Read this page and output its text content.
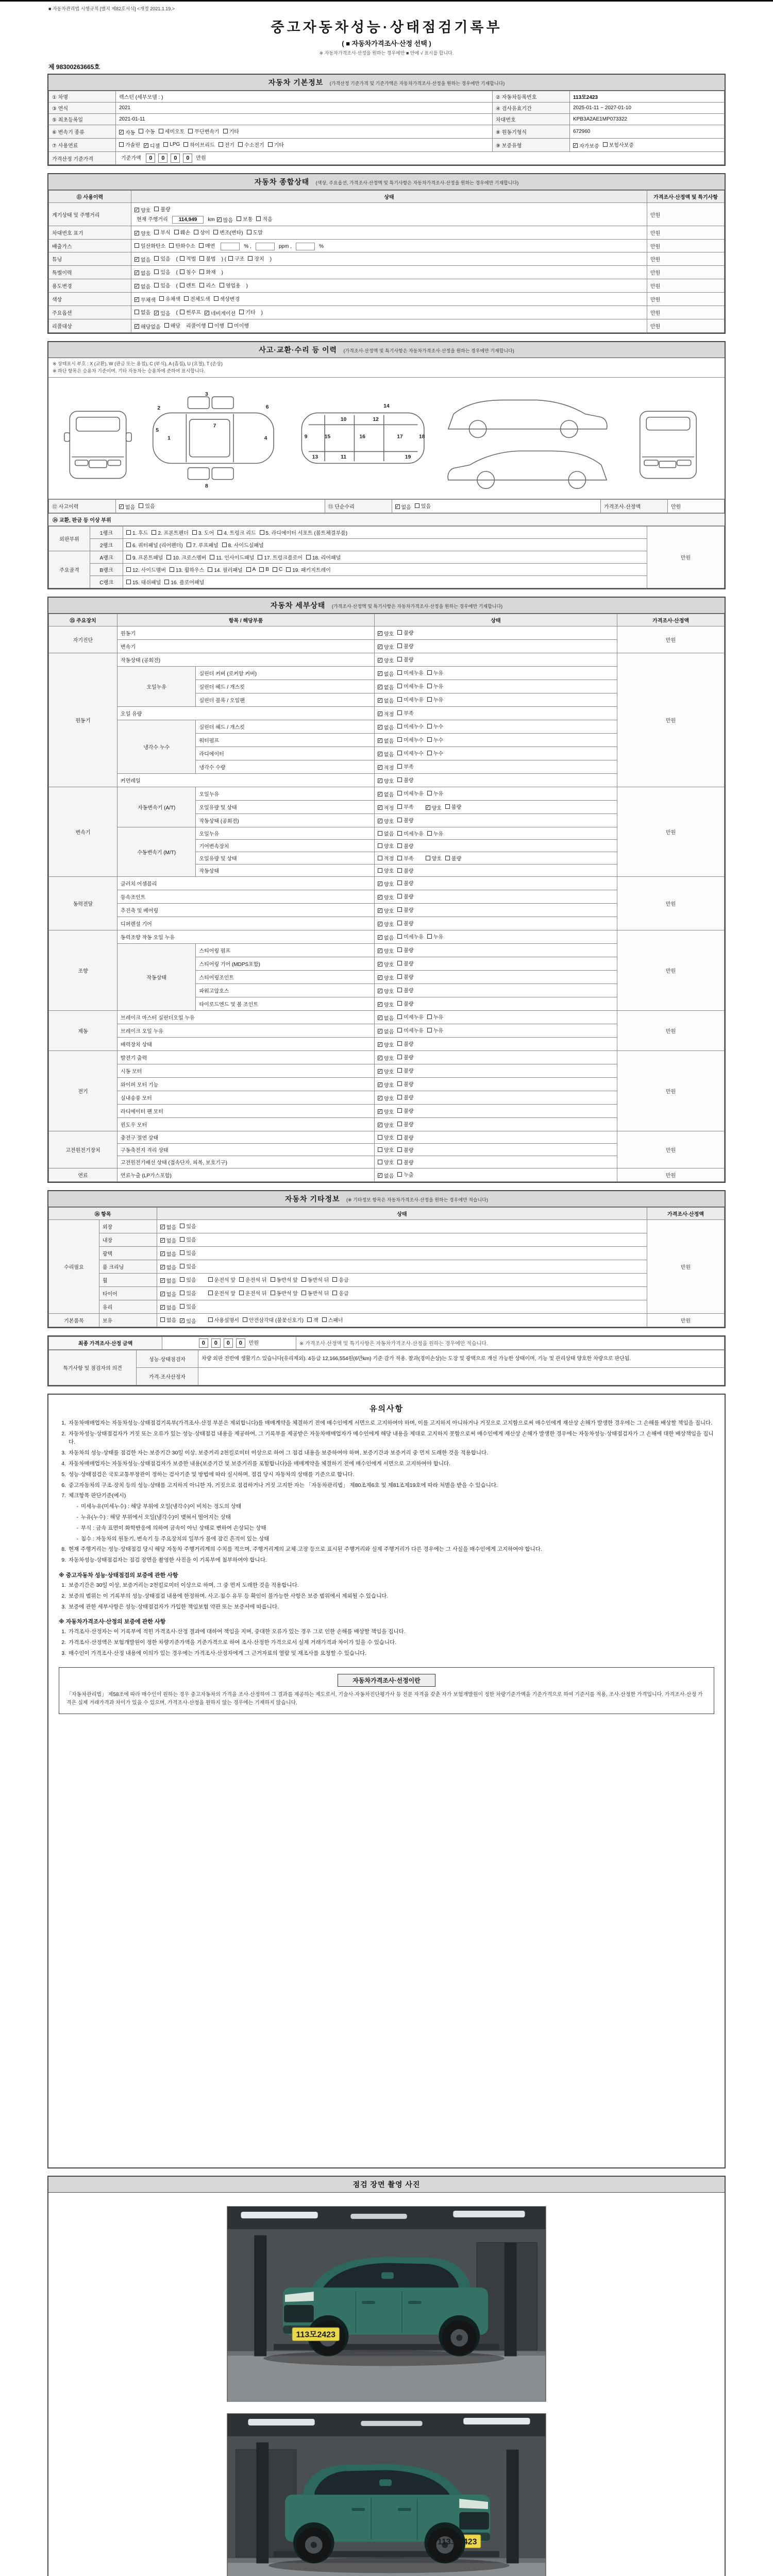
■ 자동차관리법 시행규칙 [별지 제82호서식] <개정 2021.1.19.>
중고자동차성능·상태점검기록부
( ■ 자동차가격조사·산정 선택 )
※ 자동차가격조사·산정을 원하는 경우에만 ■ 안에 √ 표시를 합니다.
제 98300263665호
자동차 기본정보 (가격산정 기준가격 및 기준가액은 자동차가격조사·산정을 원하는 경우에만 기재합니다)
① 차명	렉스턴 (세부모델 : )	② 자동차등록번호	113모2423
③ 연식	2021	④ 검사유효기간	2025-01-11 ~ 2027-01-10
⑤ 최초등록일	2021-01-11	차대번호	KPB3A2AE1MP073322
⑥ 변속기 종류	✓ 자동 수동 세미오토 무단변속기 기타	⑧ 원동기형식	672960
⑦ 사용연료	가솔린 ✓ 디젤 LPG 하이브리드 전기 수소전기 기타	⑨ 보증유형	✓ 자가보증 보험사보증

가격산정 기준가격	기준가액 0 0 0 0 만원		
자동차 종합상태 (색상, 주요옵션, 가격조사·산정액 및 특기사항은 자동차가격조사·산정을 원하는 경우에만 기재합니다)
⑪ 사용이력	상태	가격조사·산정액 및 특기사항
계기상태 및 주행거리	
✓ 양호 불량

현재 주행거리 114,949 km ✓ 많음 보통 적음
	만원
차대번호 표기	✓ 양호 부식 훼손 상이 변조(변타) 도말	만원
배출가스	일산화탄소 탄화수소 매연 % , ppm , %	만원
튜닝	✓ 없음 있음 ( 적법 불법 ) ( 구조 장치 )	만원
특별이력	✓ 없음 있음 ( 침수 화재 )	만원
용도변경	✓ 없음 있음 ( 렌트 리스 영업용 )	만원
색상	✓ 무채색 유채색 전체도색 색상변경	만원
주요옵션	없음 ✓ 있음 ( 썬루프 ✓ 네비게이션 기타 )	만원
리콜대상	✓ 해당없음 해당 리콜이행 이행 미이행	만원
사고·교환·수리 등 이력 (가격조사·산정액 및 특기사항은 자동차가격조사·산정을 원하는 경우에만 기재합니다)
※ 상태표시 부호 : X (교환), W (판금 또는 용접), C (부식), A (흠집), U (요철), T (손상)
※ 하단 항목은 승용차 기준이며, 기타 자동차는 승용차에 준하여 표시합니다.
1
2
3
4
5
6
7
8
9
10
11
12
13
14
15	16	17	18
19
⑫ 사고이력	✓ 없음 있음	⑬ 단순수리	✓ 없음 있음	가격조사·산정액	만원
⑭ 교환, 판금 등 이상 부위
외판부위	1랭크	1. 후드 2. 프론트펜더 3. 도어 4. 트렁크 리드 5. 라디에이터 서포트 (볼트체결부품)	만원
	2랭크	6. 쿼터패널 (리어펜더) 7. 루프패널 8. 사이드실패널	

주요골격	A랭크	9. 프론트패널 10. 크로스멤버 11. 인사이드패널 17. 트렁크플로어 18. 리어패널	

B랭크	12. 사이드멤버 13. 휠하우스 14. 필러패널 A B C 19. 패키지트레이

	C랭크	15. 대쉬패널 16. 플로어패널	
자동차 세부상태 (가격조사·산정액 및 특기사항은 자동차가격조사·산정을 원하는 경우에만 기재합니다)
⑮ 주요장치	항목 / 해당부품		상태	가격조사·산정액
자기진단	원동기		✓ 양호 불량	만원
	변속기		✓ 양호 불량	

원동기	작동상태 (공회전)		✓ 양호 불량	만원
	오일누유	실린더 커버 (로커암 커버)	✓ 없음 미세누유 누유	

		실린더 헤드 / 개스킷	✓ 없음 미세누유 누유	

		실린더 블록 / 오일팬	✓ 없음 미세누유 누유	

	오일 유량		✓ 적정 부족	

	냉각수 누수	실린더 헤드 / 개스킷	✓ 없음 미세누수 누수	

		워터펌프	✓ 없음 미세누수 누수	

		라디에이터	✓ 없음 미세누수 누수	

		냉각수 수량	✓ 적정 부족	

	커먼레일		✓ 양호 불량	

변속기	자동변속기 (A/T)	오일누유	✓ 없음 미세누유 누유	만원
오일유량 및 상태	✓ 적정 부족	✓ 양호 불량

		작동상태 (공회전)	✓ 양호 불량	

	수동변속기 (M/T)	오일누유	없음 미세누유 누유	

		기어변속장치	양호 불량	

		오일유량 및 상태	적정 부족 양호 불량	

		작동상태	양호 불량	

동력전달	클러치 어셈블리		✓ 양호 불량	만원
	등속조인트		✓ 양호 불량	

	추진축 및 베어링		✓ 양호 불량	

	디퍼렌셜 기어		✓ 양호 불량	

조향	동력조향 작동 오일 누유		✓ 없음 미세누유 누유	만원
	작동상태	스티어링 펌프	✓ 양호 불량	

		스티어링 기어 (MDPS포함)	✓ 양호 불량	

		스티어링조인트	✓ 양호 불량	

		파워고압호스	✓ 양호 불량	

		타이로드엔드 및 볼 조인트	✓ 양호 불량	

제동	브레이크 마스터 실린더오일 누유		✓ 없음 미세누유 누유	만원
	브레이크 오일 누유		✓ 없음 미세누유 누유	

	배력장치 상태		✓ 양호 불량	

전기	발전기 출력		✓ 양호 불량	만원
	시동 모터		✓ 양호 불량	

	와이퍼 모터 기능		✓ 양호 불량	

	실내송풍 모터		✓ 양호 불량	

	라디에이터 팬 모터		✓ 양호 불량	

	윈도우 모터		✓ 양호 불량	

고전원전기장치	충전구 절연 상태		양호 불량	만원
	구동축전지 격리 상태		양호 불량	

	고전원전기배선 상태 (접속단자, 피복, 보호기구)		양호 불량	

연료	연료누출 (LP가스포함)		✓ 없음 누출	만원
자동차 기타정보 (※ 기타정보 항목은 자동차가격조사·산정을 원하는 경우에만 적습니다)
⑯ 항목		상태	가격조사·산정액
수리필요	외장	✓ 없음 있음	만원
	내장	✓ 없음 있음	

	광택	✓ 없음 있음	

	룸 크리닝	✓ 없음 있음	

휠	✓ 없음 있음	운전석 앞 운전석 뒤 동반석 앞 동반석 뒤 응급

타이어	✓ 없음 있음	운전석 앞 운전석 뒤 동반석 앞 동반석 뒤 응급

	유리	✓ 없음 있음	

기본품목	보유	없음 ✓ 있음	사용설명서 안전삼각대 (불꽃신호기) 잭 스패너	만원
최종 가격조사·산정 금액	0 0 0 0 만원	※ 가격조사·산정액 및 특기사항은 자동차가격조사·산정을 원하는 경우에만 적습니다.
특기사항 및 점검자의 의견	성능·상태점검자	차량 외판 전반에 생활기스 있습니다(유리제외). 4등급 12,166,554원(6만km) 기준 감가 적용. 찰과(경미손상)는 도장 및 광택으로 개선 가능한 상태이며, 기능 및 관리상태 양호한 차량으로 판단됨.
	가격·조사산정자	
유의사항
1. 자동차매매업자는 자동차성능·상태점검기록부(가격조사·산정 부분은 제외합니다)를 매매계약을 체결하기 전에 매수인에게 서면으로 고지하여야 하며, 이를 고지하지 아니하거나 거짓으로 고지함으로써 매수인에게 재산상 손해가 발생한 경우에는 그 손해를 배상할 책임을 집니다.
2. 자동차성능·상태점검자가 거짓 또는 오류가 있는 성능·상태점검 내용을 제공하여, 그 기록부를 제공받은 자동차매매업자가 매수인에게 해당 내용을 제대로 고지하지 못함으로써 매수인에게 재산상 손해가 발생한 경우에는 자동차성능·상태점검자가 그 손해에 대한 배상책임을 집니다.
3. 자동차의 성능·상태를 점검한 자는 보증기간 30일 이상, 보증거리 2천킬로미터 이상으로 하여 그 점검 내용을 보증하여야 하며, 보증기간과 보증거리 중 먼저 도래한 것을 적용합니다.
4. 자동차매매업자는 자동차성능·상태점검자가 보증한 내용(보증기간 및 보증거리를 포함합니다)을 매매계약을 체결하기 전에 매수인에게 서면으로 고지하여야 합니다.
5. 성능·상태점검은 국토교통부장관이 정하는 검사기준 및 방법에 따라 실시하며, 점검 당시 자동차의 상태를 기준으로 합니다.
6. 중고자동차의 구조·장치 등의 성능·상태를 고지하지 아니한 자, 거짓으로 점검하거나 거짓 고지한 자는 「자동차관리법」 제80조제6호 및 제81조제19호에 따라 처벌을 받을 수 있습니다.
7. 체크항목 판단기준(예시)
- 미세누유(미세누수) : 해당 부위에 오일(냉각수)이 비치는 정도의 상태
- 누유(누수) : 해당 부위에서 오일(냉각수)이 맺혀서 떨어지는 상태
- 부식 : 금속 표면이 화학반응에 의하여 금속이 아닌 상태로 변하여 손상되는 상태
- 침수 : 자동차의 원동기, 변속기 등 주요장치의 일부가 물에 잠긴 흔적이 있는 상태
8. 현재 주행거리는 성능·상태점검 당시 해당 자동차 주행거리계의 수치를 적으며, 주행거리계의 교체·고장 등으로 표시된 주행거리와 실제 주행거리가 다른 경우에는 그 사실을 매수인에게 고지하여야 합니다.
9. 자동차성능·상태점검자는 점검 장면을 촬영한 사진을 이 기록부에 첨부하여야 합니다.
※ 중고자동차 성능·상태점검의 보증에 관한 사항
1. 보증기간은 30일 이상, 보증거리는 2천킬로미터 이상으로 하며, 그 중 먼저 도래한 것을 적용합니다.
2. 보증의 범위는 이 기록부의 성능·상태점검 내용에 한정하며, 사고·침수 유무 등 확인이 불가능한 사항은 보증 범위에서 제외될 수 있습니다.
3. 보증에 관한 세부사항은 성능·상태점검자가 가입한 책임보험 약관 또는 보증서에 따릅니다.
※ 자동차가격조사·산정의 보증에 관한 사항
1. 가격조사·산정자는 이 기록부에 적힌 가격조사·산정 결과에 대하여 책임을 지며, 중대한 오류가 있는 경우 그로 인한 손해를 배상할 책임을 집니다.
2. 가격조사·산정액은 보험개발원이 정한 차량기준가액을 기준가격으로 하여 조사·산정한 가격으로서 실제 거래가격과 차이가 있을 수 있습니다.
3. 매수인이 가격조사·산정 내용에 이의가 있는 경우에는 가격조사·산정자에게 그 근거자료의 열람 및 재조사를 요청할 수 있습니다.
자동차가격조사·선정이란
「자동차관리법」 제58조에 따라 매수인이 원하는 경우 중고자동차의 가격을 조사·산정하여 그 결과를 제공하는 제도로서, 기술사·자동차진단평가사 등 전문 자격을 갖춘 자가 보험개발원이 정한 차량기준가액을 기준가격으로 하여 기준서를 적용, 조사·산정한 가격입니다. 가격조사·산정 가격은 실제 거래가격과 차이가 있을 수 있으며, 가격조사·산정을 원하지 않는 경우에는 기재하지 않습니다.
점검 장면 촬영 사진
113모2423
113모2423
